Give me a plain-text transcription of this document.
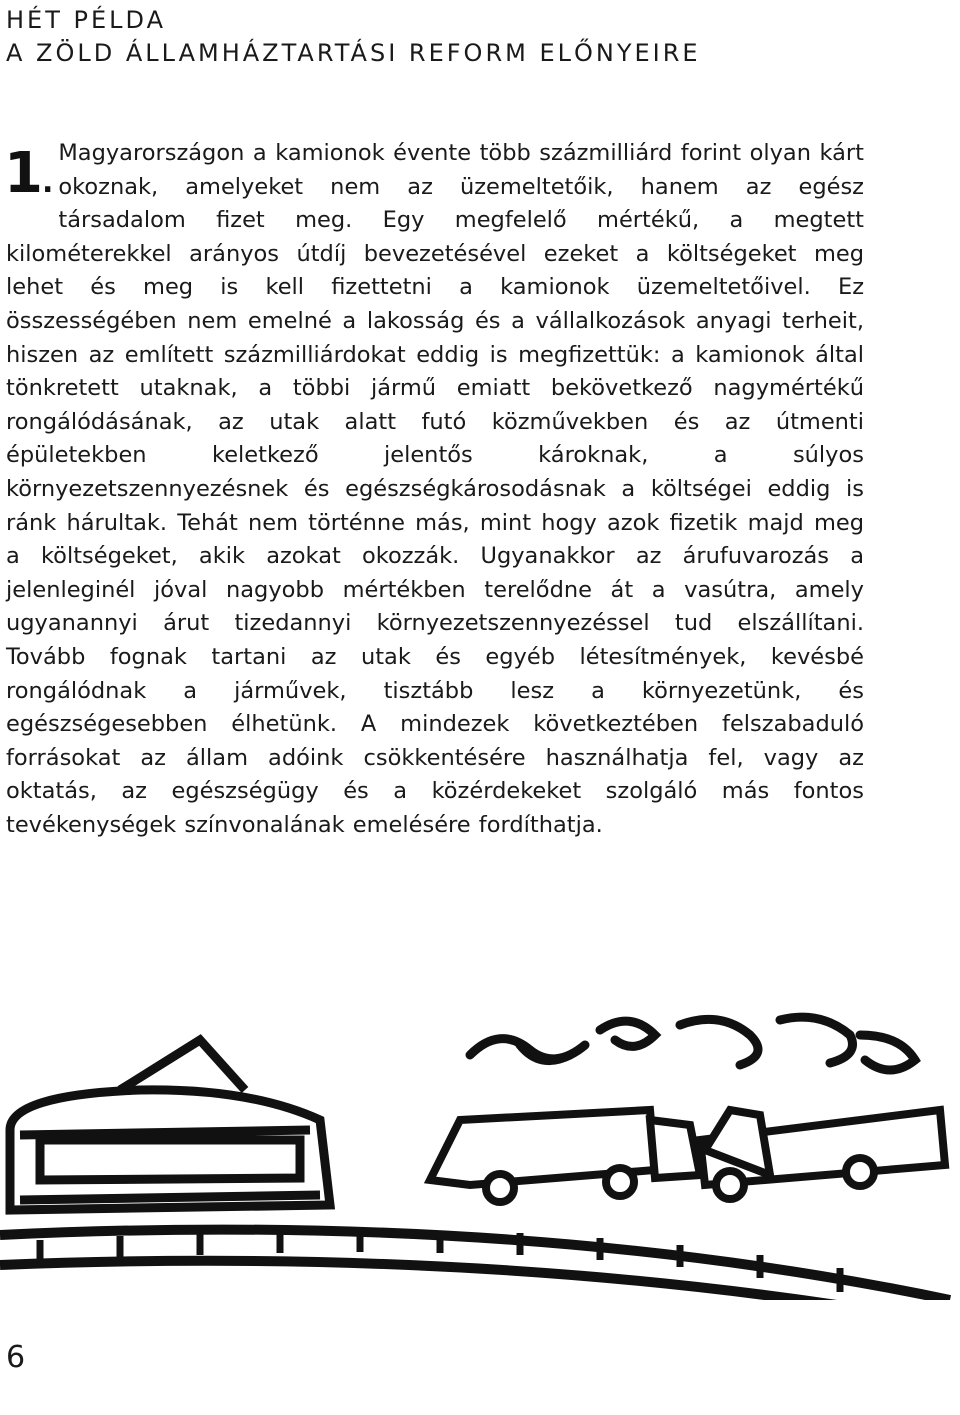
HÉT PÉLDA
A ZÖLD ÁLLAMHÁZTARTÁSI REFORM ELŐNYEIRE
1.

Magyarországon a kamionok évente több százmilliárd forint olyan kárt okoznak, amelyeket nem az üzemeltetőik, hanem az egész társadalom fizet meg. Egy megfelelő mértékű, a megtett kilométerekkel arányos útdíj bevezetésével ezeket a költségeket meg lehet és meg is kell fizettetni a kamionok üzemeltetőivel. Ez összességében nem emelné a lakosság és a vállalkozások anyagi terheit, hiszen az említett százmilliárdokat eddig is megfizettük: a kamionok által tönkretett utaknak, a többi jármű emiatt bekövetkező nagymértékű rongálódásának, az utak alatt futó közművekben és az útmenti épületekben keletkező jelentős károknak, a súlyos környezetszennyezésnek és egészségkárosodásnak a költségei eddig is ránk hárultak. Tehát nem történne más, mint hogy azok fizetik majd meg a költségeket, akik azokat okozzák. Ugyanakkor az árufuvarozás a jelenleginél jóval nagyobb mértékben terelődne át a vasútra, amely ugyanannyi árut tizedannyi környezetszennyezéssel tud elszállítani. Tovább fognak tartani az utak és egyéb létesítmények, kevésbé rongálódnak a járművek, tisztább lesz a környezetünk, és egészségesebben élhetünk. A mindezek következtében felszabaduló forrásokat az állam adóink csökkentésére használhatja fel, vagy az oktatás, az egészségügy és a közérdekeket szolgáló más fontos tevékenységek színvonalának emelésére fordíthatja.

6
